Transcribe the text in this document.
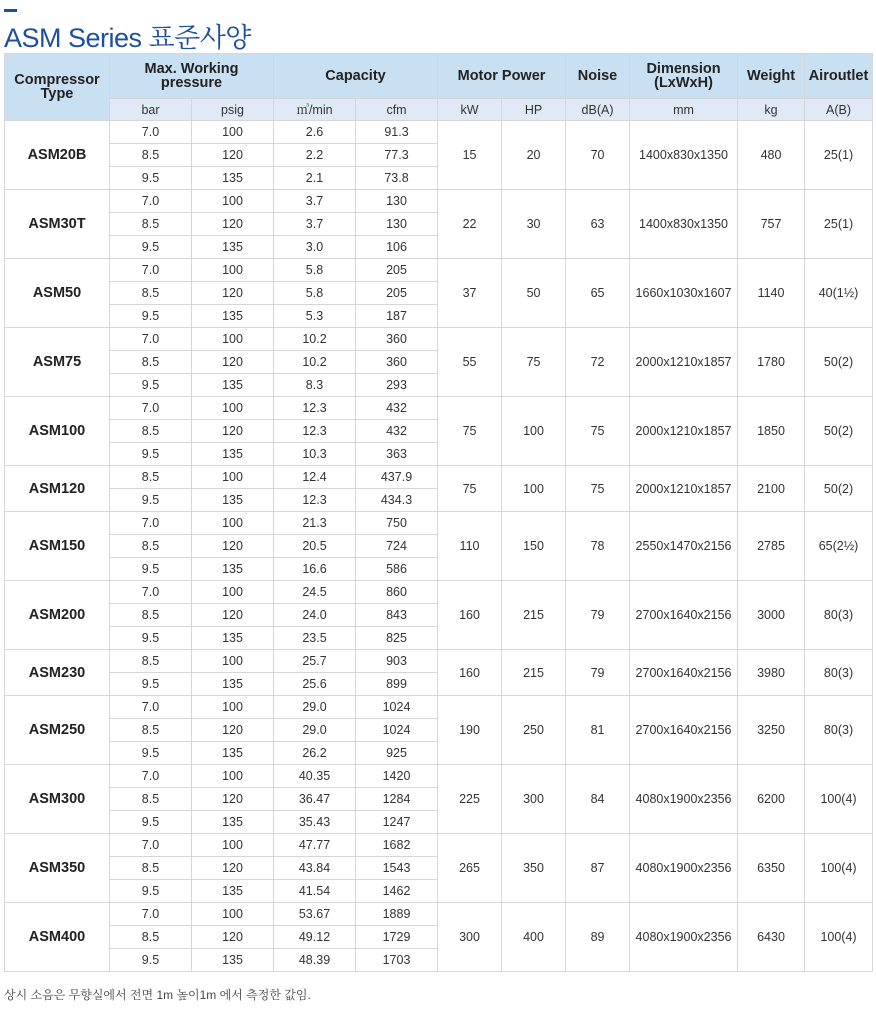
ASM Series 표준사양
Compressor Type	Max. Working pressure		Capacity		Motor Power		Noise	Dimension (LxWxH)	Weight	Airoutlet
	bar	psig	㎥/min	cfm	kW	HP	dB(A)	mm	kg	A(B)
ASM20B	7.0	100	2.6	91.3	15	20	70	1400x830x1350	480	25(1)
	8.5	120	2.2	77.3						
	9.5	135	2.1	73.8						
ASM30T	7.0	100	3.7	130	22	30	63	1400x830x1350	757	25(1)
	8.5	120	3.7	130						
	9.5	135	3.0	106						
ASM50	7.0	100	5.8	205	37	50	65	1660x1030x1607	1140	40(1½)
	8.5	120	5.8	205						
	9.5	135	5.3	187						
ASM75	7.0	100	10.2	360	55	75	72	2000x1210x1857	1780	50(2)
	8.5	120	10.2	360						
	9.5	135	8.3	293						
ASM100	7.0	100	12.3	432	75	100	75	2000x1210x1857	1850	50(2)
	8.5	120	12.3	432						
	9.5	135	10.3	363						
ASM120	8.5	100	12.4	437.9	75	100	75	2000x1210x1857	2100	50(2)
	9.5	135	12.3	434.3						
ASM150	7.0	100	21.3	750	110	150	78	2550x1470x2156	2785	65(2½)
	8.5	120	20.5	724						
	9.5	135	16.6	586						
ASM200	7.0	100	24.5	860	160	215	79	2700x1640x2156	3000	80(3)
	8.5	120	24.0	843						
	9.5	135	23.5	825						
ASM230	8.5	100	25.7	903	160	215	79	2700x1640x2156	3980	80(3)
	9.5	135	25.6	899						
ASM250	7.0	100	29.0	1024	190	250	81	2700x1640x2156	3250	80(3)
	8.5	120	29.0	1024						
	9.5	135	26.2	925						
ASM300	7.0	100	40.35	1420	225	300	84	4080x1900x2356	6200	100(4)
	8.5	120	36.47	1284						
	9.5	135	35.43	1247						
ASM350	7.0	100	47.77	1682	265	350	87	4080x1900x2356	6350	100(4)
	8.5	120	43.84	1543						
	9.5	135	41.54	1462						
ASM400	7.0	100	53.67	1889	300	400	89	4080x1900x2356	6430	100(4)
	8.5	120	49.12	1729						
	9.5	135	48.39	1703						
상시 소음은 무향실에서 전면 1m 높이1m 에서 측정한 값임.
